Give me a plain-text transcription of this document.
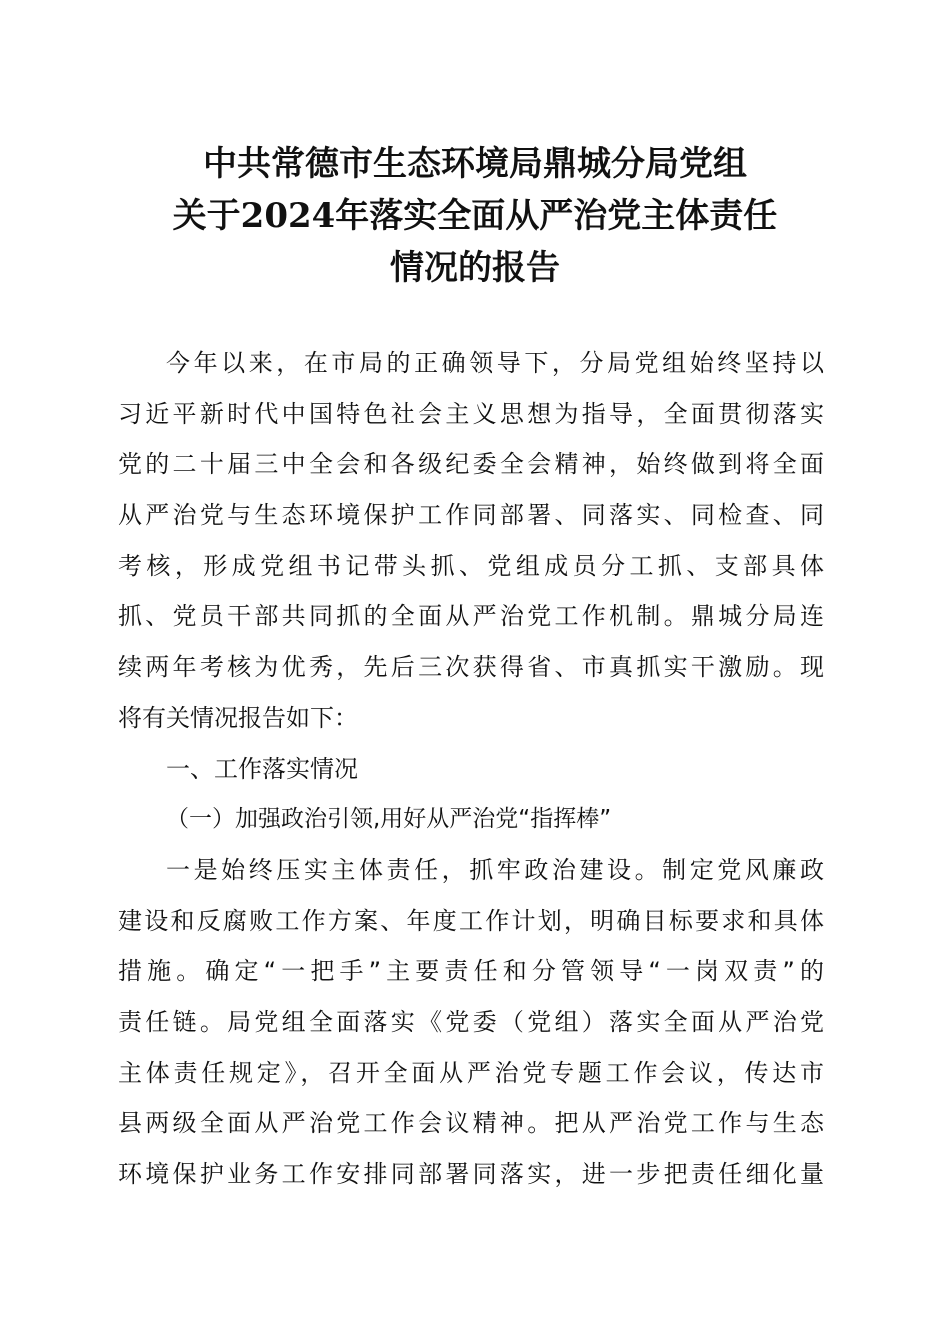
中共常德市生态环境局鼎城分局党组
关于2024年落实全面从严治党主体责任
情况的报告
今年以来，在市局的正确领导下，分局党组始终坚持以
习近平新时代中国特色社会主义思想为指导，全面贯彻落实
党的二十届三中全会和各级纪委全会精神，始终做到将全面
从严治党与生态环境保护工作同部署、同落实、同检查、同
考核，形成党组书记带头抓、党组成员分工抓、支部具体
抓、党员干部共同抓的全面从严治党工作机制。鼎城分局连
续两年考核为优秀，先后三次获得省、市真抓实干激励。现
将有关情况报告如下：
一、工作落实情况
（一）加强政治引领,用好从严治党“指挥棒”
一是始终压实主体责任，抓牢政治建设。制定党风廉政
建设和反腐败工作方案、年度工作计划，明确目标要求和具体
措施。确定“一把手”主要责任和分管领导“一岗双责”的
责任链。局党组全面落实《党委（党组）落实全面从严治党
主体责任规定》，召开全面从严治党专题工作会议，传达市
县两级全面从严治党工作会议精神。把从严治党工作与生态
环境保护业务工作安排同部署同落实，进一步把责任细化量
